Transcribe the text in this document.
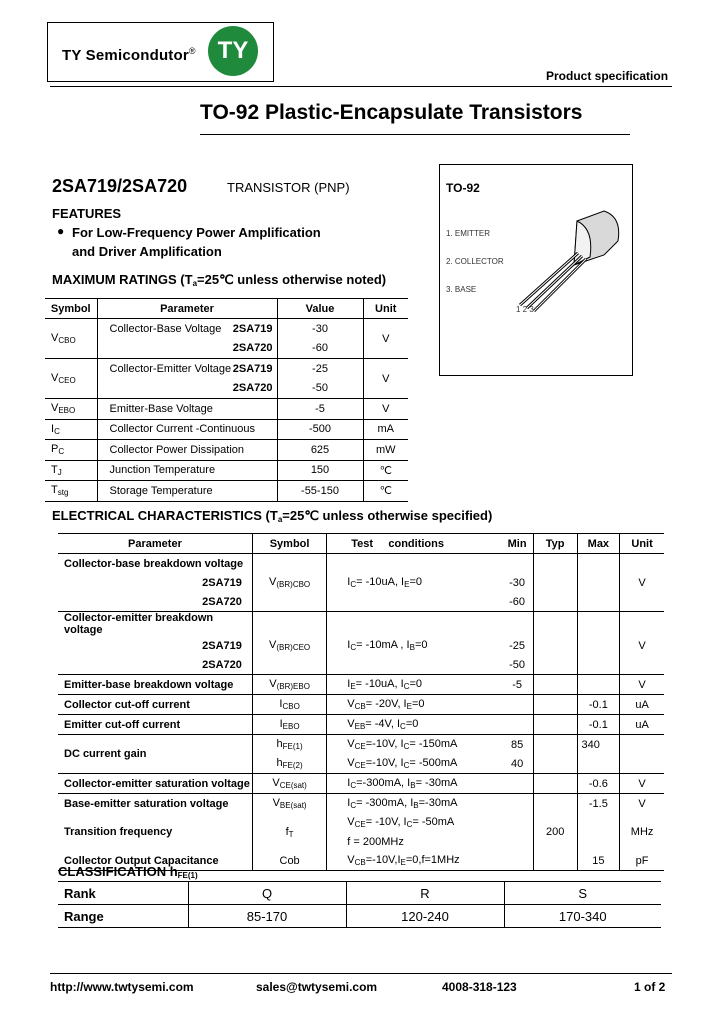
TY Semicondutor® TY
Product specification
TO-92 Plastic-Encapsulate Transistors
2SA719/2SA720	TRANSISTOR (PNP)
FEATURES
● For Low-Frequency Power Amplification
and Driver Amplification
MAXIMUM RATINGS ($T_a=25℃$ unless otherwise noted)
TO-92
1. EMITTER
2. COLLECTOR
3. BASE
1 2 3
Symbol	Parameter	Value	Unit
$V_{CBO}$	Collector-Base Voltage 2SA719	-30	V
	2SA720	-60	
$V_{CEO}$	Collector-Emitter Voltage 2SA719	-25	V
	2SA720	-50	
$V_{EBO}$	Emitter-Base Voltage	-5	V
$I_C$	Collector Current -Continuous	-500	mA
$P_C$	Collector Power Dissipation	625	mW
$T_J$	Junction Temperature	150	℃
$T_{stg}$	Storage Temperature	-55-150	℃
ELECTRICAL CHARACTERISTICS ($T_a=25℃$ unless otherwise specified)
Parameter	Symbol	Test conditions	Min	Typ	Max	Unit
Collector-base breakdown voltage						
2SA719	$V_{(BR)CBO}$	$I_C= -10uA$, $I_E=0$	-30			V
2SA720			-60			
Collector-emitter breakdown voltage						
2SA719	$V_{(BR)CEO}$	$I_C= -10mA$ , $I_B=0$	-25			V
2SA720			-50			
Emitter-base breakdown voltage	$V_{(BR)EBO}$	$I_E= -10uA$, $I_C=0$	-5			V
Collector cut-off current	$I_{CBO}$	$V_{CB}= -20V$, $I_E=0$			-0.1	uA
Emitter cut-off current	$I_{EBO}$	$V_{EB}= -4V$, $I_C=0$			-0.1	uA
DC current gain	$h_{FE(1)}$	$V_{CE}=-10V$, $I_C= -150mA$	85		340	
	$h_{FE(2)}$	$V_{CE}=-10V$, $I_C= -500mA$	40			
Collector-emitter saturation voltage	$V_{CE(sat)}$	$I_C=-300mA$, $I_B= -30mA$			-0.6	V
Base-emitter saturation voltage	$V_{BE(sat)}$	$I_C= -300mA$, $I_B=-30mA$			-1.5	V
Transition frequency	$f_T$	$V_{CE}= -10V$, $I_C= -50mA$		200		MHz
		f = 200MHz				
Collector Output Capacitance	Cob	$V_{CB}=-10V,I_E=0,f=1MHz$			15	pF
CLASSIFICATION $h_{FE(1)}$
Rank	Q	R	S
Range	85-170	120-240	170-340
http://www.twtysemi.com	sales@twtysemi.com	4008-318-123	1 of 2
